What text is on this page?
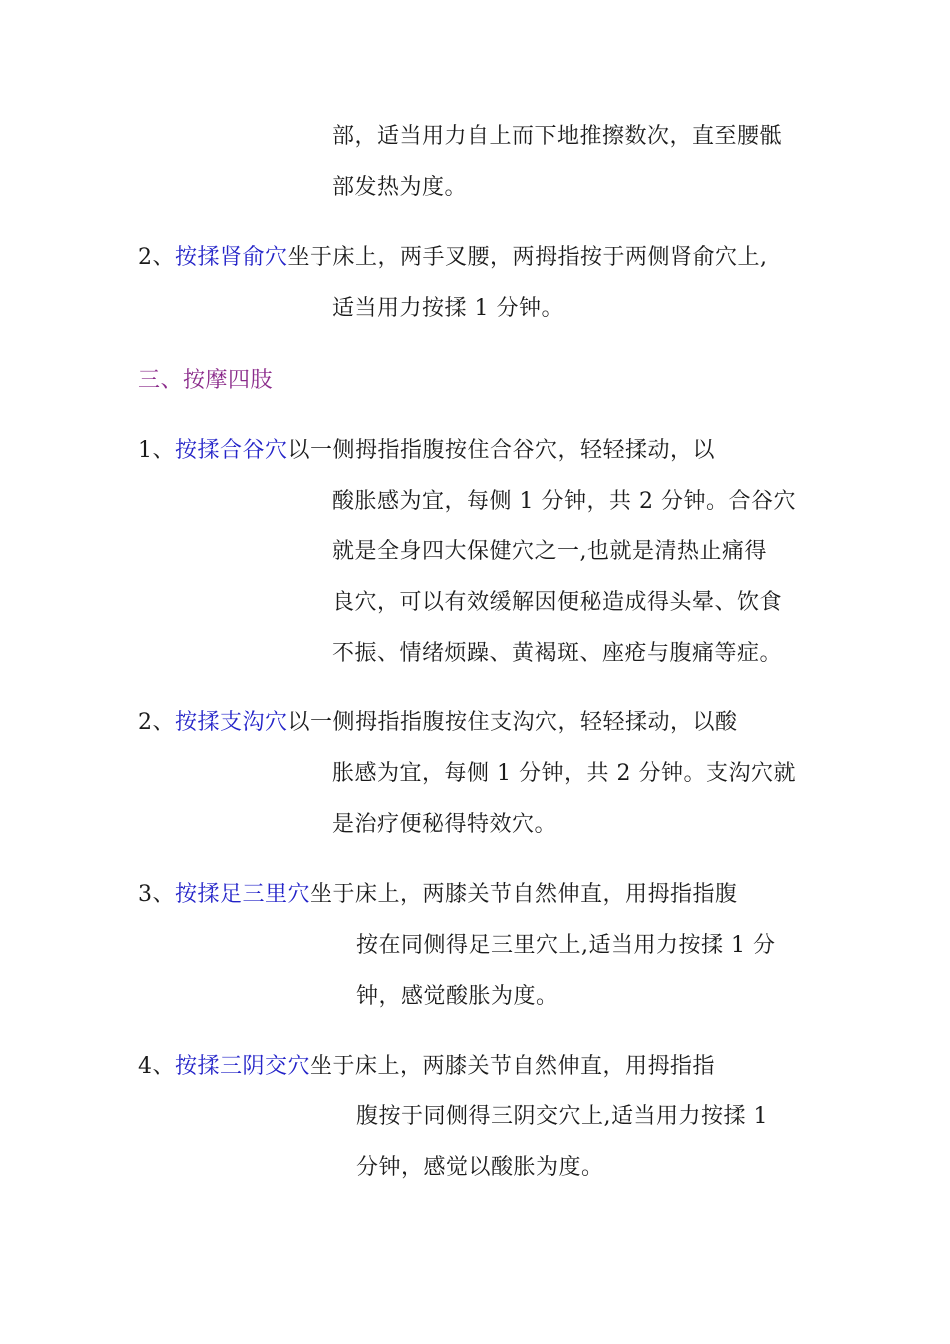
部，适当用力自上而下地推擦数次，直至腰骶
部发热为度。
2、按揉肾俞穴坐于床上，两手叉腰，两拇指按于两侧肾俞穴上,
适当用力按揉 1 分钟。
三、按摩四肢
1、按揉合谷穴以一侧拇指指腹按住合谷穴，轻轻揉动，以
酸胀感为宜，每侧 1 分钟，共 2 分钟。合谷穴
就是全身四大保健穴之一,也就是清热止痛得
良穴，可以有效缓解因便秘造成得头晕、饮食
不振、情绪烦躁、黄褐斑、座疮与腹痛等症。
2、按揉支沟穴以一侧拇指指腹按住支沟穴，轻轻揉动，以酸
胀感为宜，每侧 1 分钟，共 2 分钟。支沟穴就
是治疗便秘得特效穴。
3、按揉足三里穴坐于床上，两膝关节自然伸直，用拇指指腹
按在同侧得足三里穴上,适当用力按揉 1 分
钟，感觉酸胀为度。
4、按揉三阴交穴坐于床上，两膝关节自然伸直，用拇指指
腹按于同侧得三阴交穴上,适当用力按揉 1
分钟，感觉以酸胀为度。
